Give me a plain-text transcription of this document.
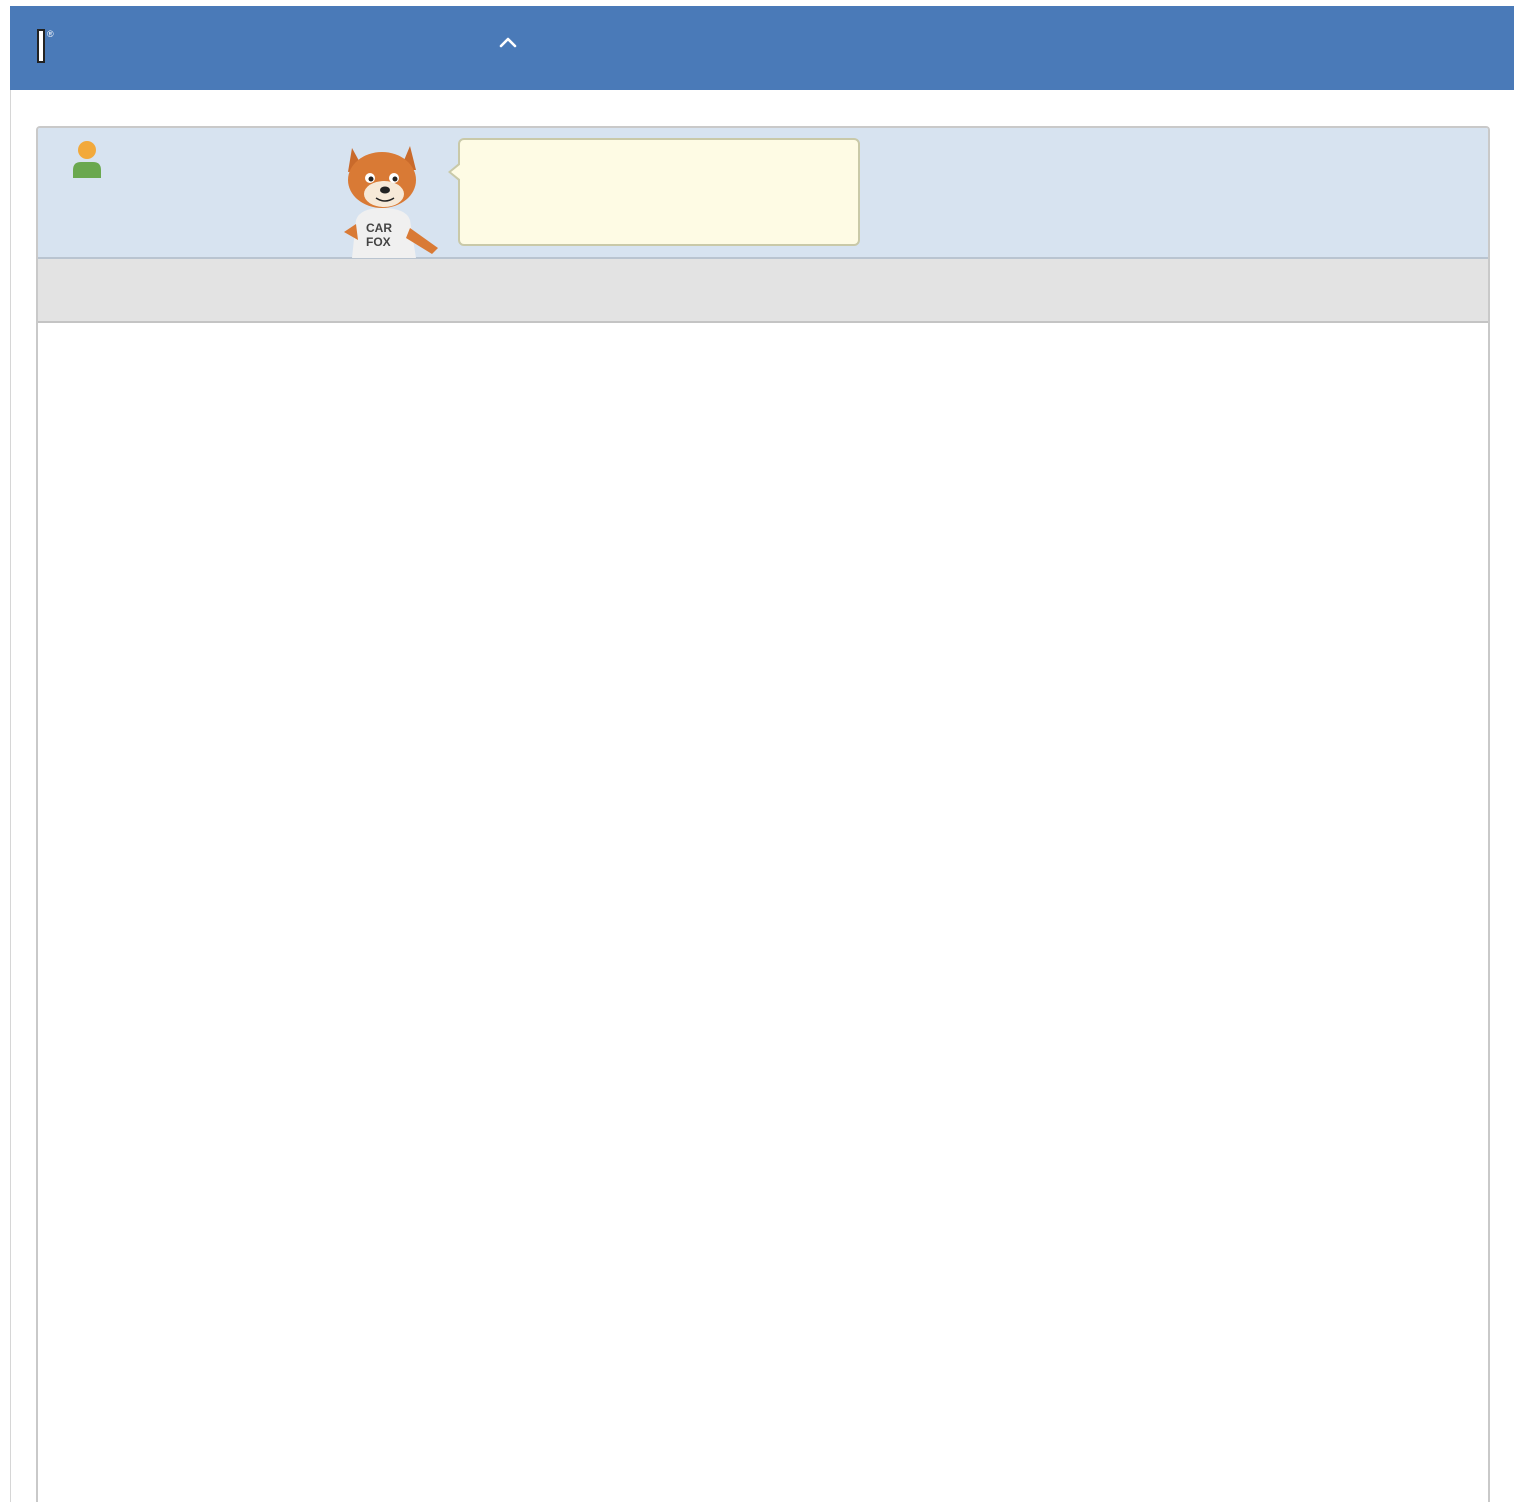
®
CAR
FOX
